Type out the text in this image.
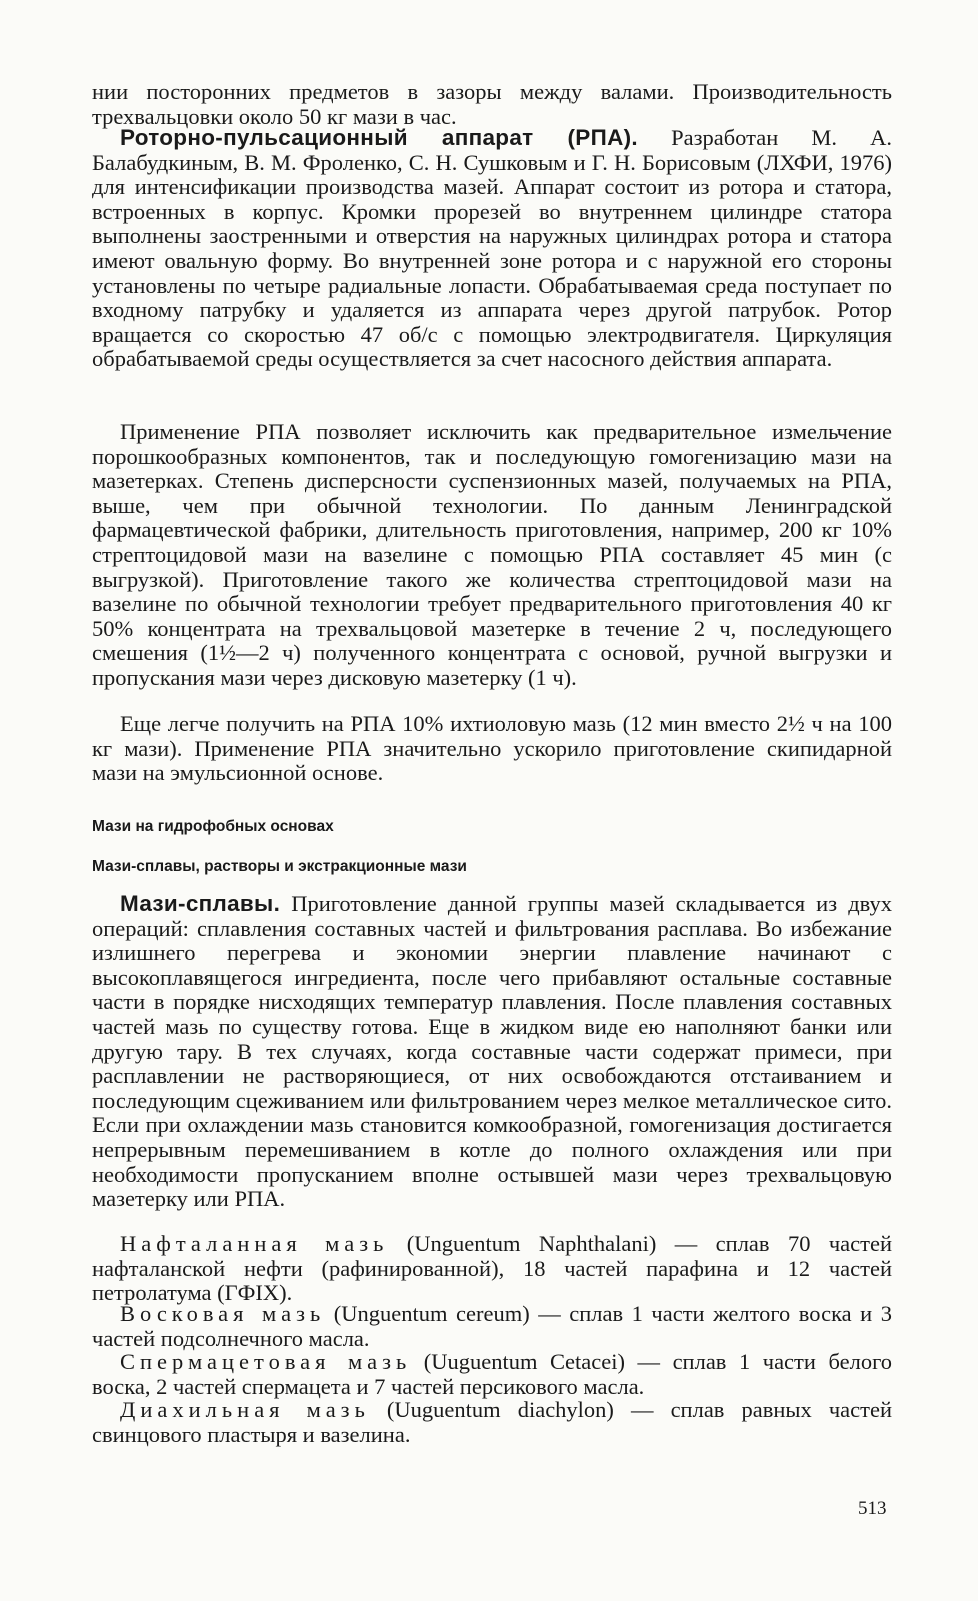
нии посторонних предметов в зазоры между валами. Производительность трехвальцовки около 50 кг мази в час.

Роторно-пульсационный аппарат (РПА). Разработан М. А. Балабудкиным, В. М. Фроленко, С. Н. Сушковым и Г. Н. Борисовым (ЛХФИ, 1976) для интенсификации производства мазей. Аппарат состоит из ротора и статора, встроенных в корпус. Кромки прорезей во внутреннем цилиндре статора выполнены заостренными и отверстия на наружных цилиндрах ротора и статора имеют овальную форму. Во внутренней зоне ротора и с наружной его стороны установлены по четыре радиальные лопасти. Обрабатываемая среда поступает по входному патрубку и удаляется из аппарата через другой патрубок. Ротор вращается со скоростью 47 об/с с помощью электродвигателя. Циркуляция обрабатываемой среды осуществляется за счет насосного действия аппарата.

Применение РПА позволяет исключить как предварительное измельчение порошкообразных компонентов, так и последующую гомогенизацию мази на мазетерках. Степень дисперсности суспензионных мазей, получаемых на РПА, выше, чем при обычной технологии. По данным Ленинградской фармацевтической фабрики, длительность приготовления, например, 200 кг 10% стрептоцидовой мази на вазелине с помощью РПА составляет 45 мин (с выгрузкой). Приготовление такого же количества стрептоцидовой мази на вазелине по обычной технологии требует предварительного приготовления 40 кг 50% концентрата на трехвальцовой мазетерке в течение 2 ч, последующего смешения (1½—2 ч) полученного концентрата с основой, ручной выгрузки и пропускания мази через дисковую мазетерку (1 ч).

Еще легче получить на РПА 10% ихтиоловую мазь (12 мин вместо 2½ ч на 100 кг мази). Применение РПА значительно ускорило приготовление скипидарной мази на эмульсионной основе.

Мази на гидрофобных основах
Мази-сплавы, растворы и экстракционные мази

Мази-сплавы. Приготовление данной группы мазей складывается из двух операций: сплавления составных частей и фильтрования расплава. Во избежание излишнего перегрева и экономии энергии плавление начинают с высокоплавящегося ингредиента, после чего прибавляют остальные составные части в порядке нисходящих температур плавления. После плавления составных частей мазь по существу готова. Еще в жидком виде ею наполняют банки или другую тару. В тех случаях, когда составные части содержат примеси, при расплавлении не растворяющиеся, от них освобождаются отстаиванием и последующим сцеживанием или фильтрованием через мелкое металлическое сито. Если при охлаждении мазь становится комкообразной, гомогенизация достигается непрерывным перемешиванием в котле до полного охлаждения или при необходимости пропусканием вполне остывшей мази через трехвальцовую мазетерку или РПА.

Нафталанная мазь (Unguentum Naphthalani) — сплав 70 частей нафталанской нефти (рафинированной), 18 частей парафина и 12 частей петролатума (ГФIX).

Восковая мазь (Unguentum cereum) — сплав 1 части желтого воска и 3 частей подсолнечного масла.

Спермацетовая мазь (Uuguentum Cetacei) — сплав 1 части белого воска, 2 частей спермацета и 7 частей персикового масла.

Диахильная мазь (Uuguentum diachylon) — сплав равных частей свинцового пластыря и вазелина.

513
